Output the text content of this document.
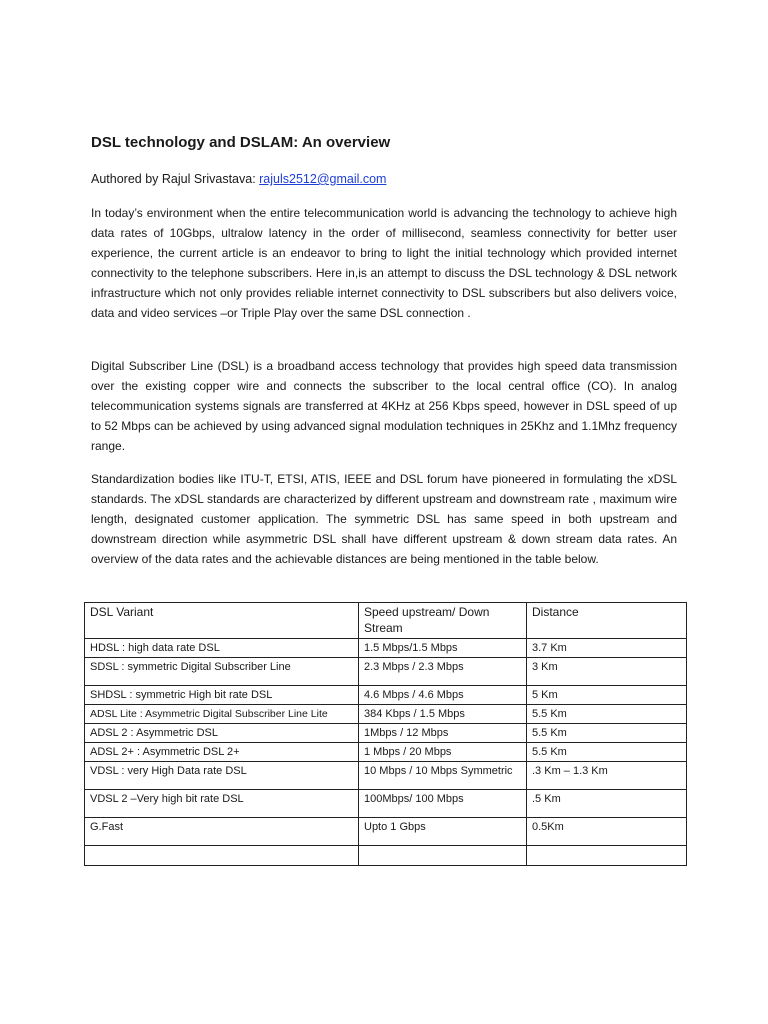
DSL technology and DSLAM: An overview
Authored by Rajul Srivastava: rajuls2512@gmail.com

In today’s environment when the entire telecommunication world is advancing the technology to achieve high data rates of 10Gbps, ultralow latency in the order of millisecond, seamless connectivity for better user experience, the current article is an endeavor to bring to light the initial technology which provided internet connectivity to the telephone subscribers. Here in,is an attempt to discuss the DSL technology & DSL network infrastructure which not only provides reliable internet connectivity to DSL subscribers but also delivers voice, data and video services –or Triple Play over the same DSL connection .

Digital Subscriber Line (DSL) is a broadband access technology that provides high speed data transmission over the existing copper wire and connects the subscriber to the local central office (CO). In analog telecommunication systems signals are transferred at 4KHz at 256 Kbps speed, however in DSL speed of up to 52 Mbps can be achieved by using advanced signal modulation techniques in 25Khz and 1.1Mhz frequency range.

Standardization bodies like ITU-T, ETSI, ATIS, IEEE and DSL forum have pioneered in formulating the xDSL standards. The xDSL standards are characterized by different upstream and downstream rate , maximum wire length, designated customer application. The symmetric DSL has same speed in both upstream and downstream direction while asymmetric DSL shall have different upstream & down stream data rates. An overview of the data rates and the achievable distances are being mentioned in the table below.

DSL Variant	Speed upstream/ Down Stream	Distance
HDSL : high data rate DSL	1.5 Mbps/1.5 Mbps	3.7 Km
SDSL : symmetric Digital Subscriber Line	2.3 Mbps / 2.3 Mbps	3 Km
SHDSL : symmetric High bit rate DSL	4.6 Mbps / 4.6 Mbps	5 Km
ADSL Lite : Asymmetric Digital Subscriber Line Lite	384 Kbps / 1.5 Mbps	5.5 Km
ADSL 2 : Asymmetric DSL	1Mbps / 12 Mbps	5.5 Km
ADSL 2+ : Asymmetric DSL 2+	1 Mbps / 20 Mbps	5.5 Km
VDSL : very High Data rate DSL	10 Mbps / 10 Mbps Symmetric	.3 Km – 1.3 Km
VDSL 2 –Very high bit rate DSL	100Mbps/ 100 Mbps	.5 Km
G.Fast	Upto 1 Gbps	0.5Km
